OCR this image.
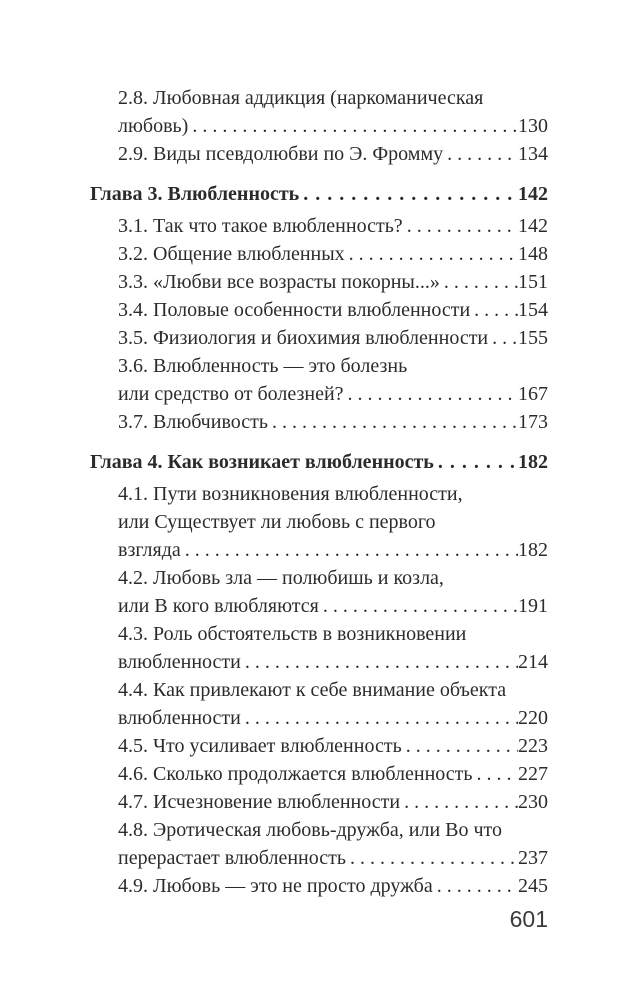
2.8. Любовная аддикция (наркоманическая
любовь) .....	130
2.9. Виды псевдолюбви по Э. Фромму .....	134
Глава 3. Влюбленность .....	142
3.1. Так что такое влюбленность? .....	142
3.2. Общение влюбленных .....	148
3.3. «Любви все возрасты покорны...» .....	151
3.4. Половые особенности влюбленности ..... 154
3.5. Физиология и биохимия влюбленности ..... 155
3.6. Влюбленность — это болезнь
или средство от болезней? .....	167
3.7. Влюбчивость .....	173
Глава 4. Как возникает влюбленность .....	182
4.1. Пути возникновения влюбленности,
или Существует ли любовь с первого
взгляда .....	182
4.2. Любовь зла — полюбишь и козла,
или В кого влюбляются .....	191
4.3. Роль обстоятельств в возникновении
влюбленности .....	214
4.4. Как привлекают к себе внимание объекта
влюбленности .....	220
4.5. Что усиливает влюбленность .....	223
4.6. Сколько продолжается влюбленность ..... 227
4.7. Исчезновение влюбленности .....	230
4.8. Эротическая любовь-дружба, или Во что
перерастает влюбленность .....	237
4.9. Любовь — это не просто дружба .....	245
601
